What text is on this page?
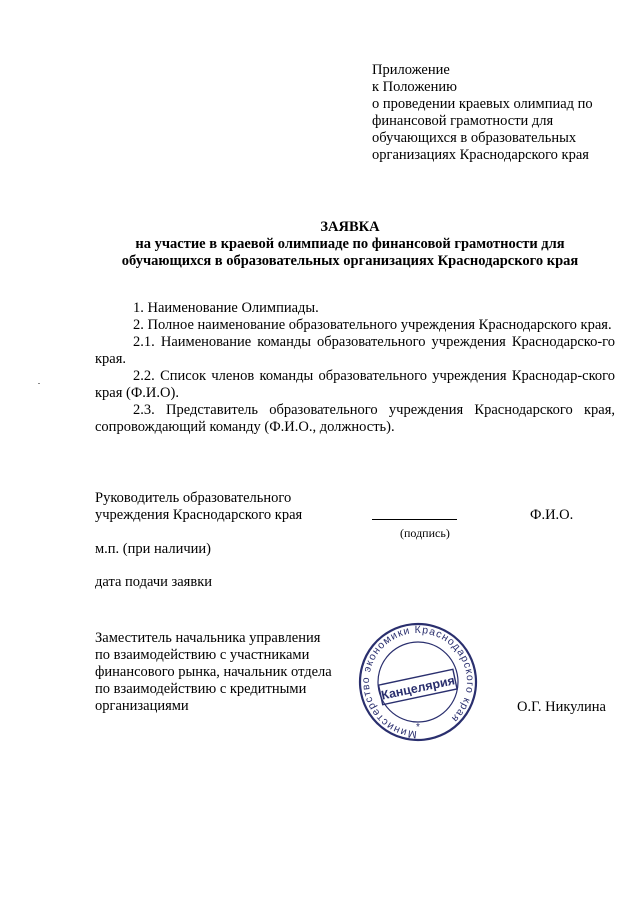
Приложение
к Положению
о проведении краевых олимпиад по
финансовой грамотности для
обучающихся в образовательных
организациях Краснодарского края
ЗАЯВКА
на участие в краевой олимпиаде по финансовой грамотности для
обучающихся в образовательных организациях Краснодарского края

1. Наименование Олимпиады.

2. Полное наименование образовательного учреждения Краснодарского края.

2.1. Наименование команды образовательного учреждения Краснодарско-го края.

2.2. Список членов команды образовательного учреждения Краснодар-ского края (Ф.И.О).

2.3. Представитель образовательного учреждения Краснодарского края, сопровождающий команду (Ф.И.О., должность).

Руководитель образовательного
учреждения Краснодарского края
(подпись)
Ф.И.О.
м.п. (при наличии)
дата подачи заявки
Заместитель начальника управления
по взаимодействию с участниками
финансового рынка, начальник отдела
по взаимодействию с кредитными
организациями	О.Г. Никулина
Министерство экономики Краснодарского края
*
Канцелярия
